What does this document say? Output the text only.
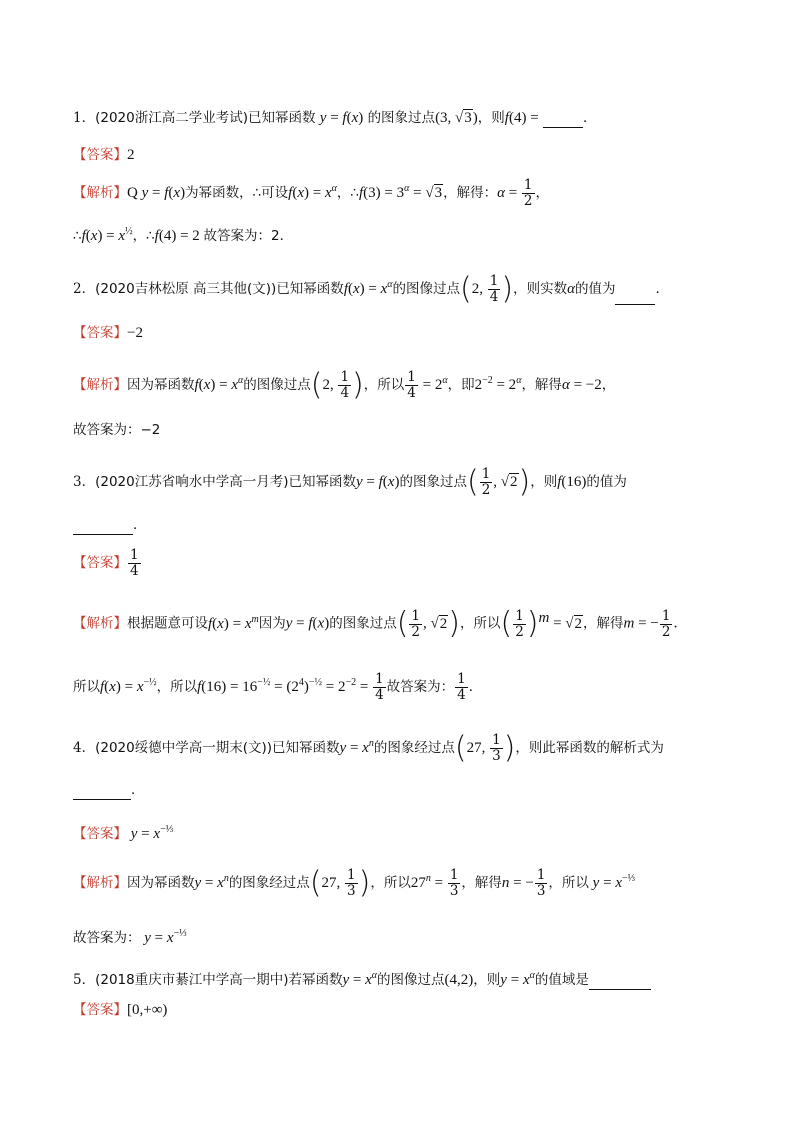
1．(2020浙江高二学业考试)已知幂函数 y = f(x) 的图象过点(3, √3)，则f(4) =	．
【答案】2
【解析】Q y = f(x)为幂函数，∴可设$f(x) = x^\alpha$，∴f(3) = $3^\alpha = √3$，解得：$\alpha = \frac{1}{2}$ ，
∴f(x) = $x^{\frac{1}{2}}$，∴f(4) = 2 故答案为：2．
2．(2020吉林松原 高三其他(文))已知幂函数$f(x) = x^\alpha$的图像过点(2, $\frac{1}{4}$ )，则实数α的值为	．
【答案】−2
【解析】因为幂函数$f(x) = x^\alpha$的图像过点(2, $\frac{1}{4}$ )，所以 $\frac{1}{4} = 2^\alpha$，即$2^{-2} = 2^\alpha$，解得α = −2，
故答案为：−2
3．(2020江苏省响水中学高一月考)已知幂函数y = f(x)的图象过点( $\frac{1}{2}$ , √2)，则f(16)的值为
．
【答案】 $\frac{1}{4}$
【解析】根据题意可设$f(x) = x^m$因为y = f(x)的图象过点( $\frac{1}{2}$ , √2)，所以( $\frac{1}{2} )^m = √2$，解得m = − $\frac{1}{2}$ .
所以$f(x) = x^{-\frac{1}{2}}$，所以$f(16) = 16^{-\frac{1}{2}} = (2^4)^{-\frac{1}{2}} = 2^{-2} = \frac{1}{4}$ 故答案为： $\frac{1}{4}$ ．
4．(2020绥德中学高一期末(文))已知幂函数$y = x^n$的图象经过点(27, $\frac{1}{3}$ )，则此幂函数的解析式为
．
【答案】 $y = x^{-\frac{1}{3}}$
【解析】因为幂函数$y = x^n$的图象经过点(27, $\frac{1}{3}$ )，所以$27^n = \frac{1}{3}$ ，解得n = − $\frac{1}{3}$ ，所以 $y = x^{-\frac{1}{3}}$
故答案为： $y = x^{-\frac{1}{3}}$
5．(2018重庆市綦江中学高一期中)若幂函数$y = x^\alpha$的图像过点(4,2)，则$y = x^\alpha$的值域是
【答案】[0,+∞)
